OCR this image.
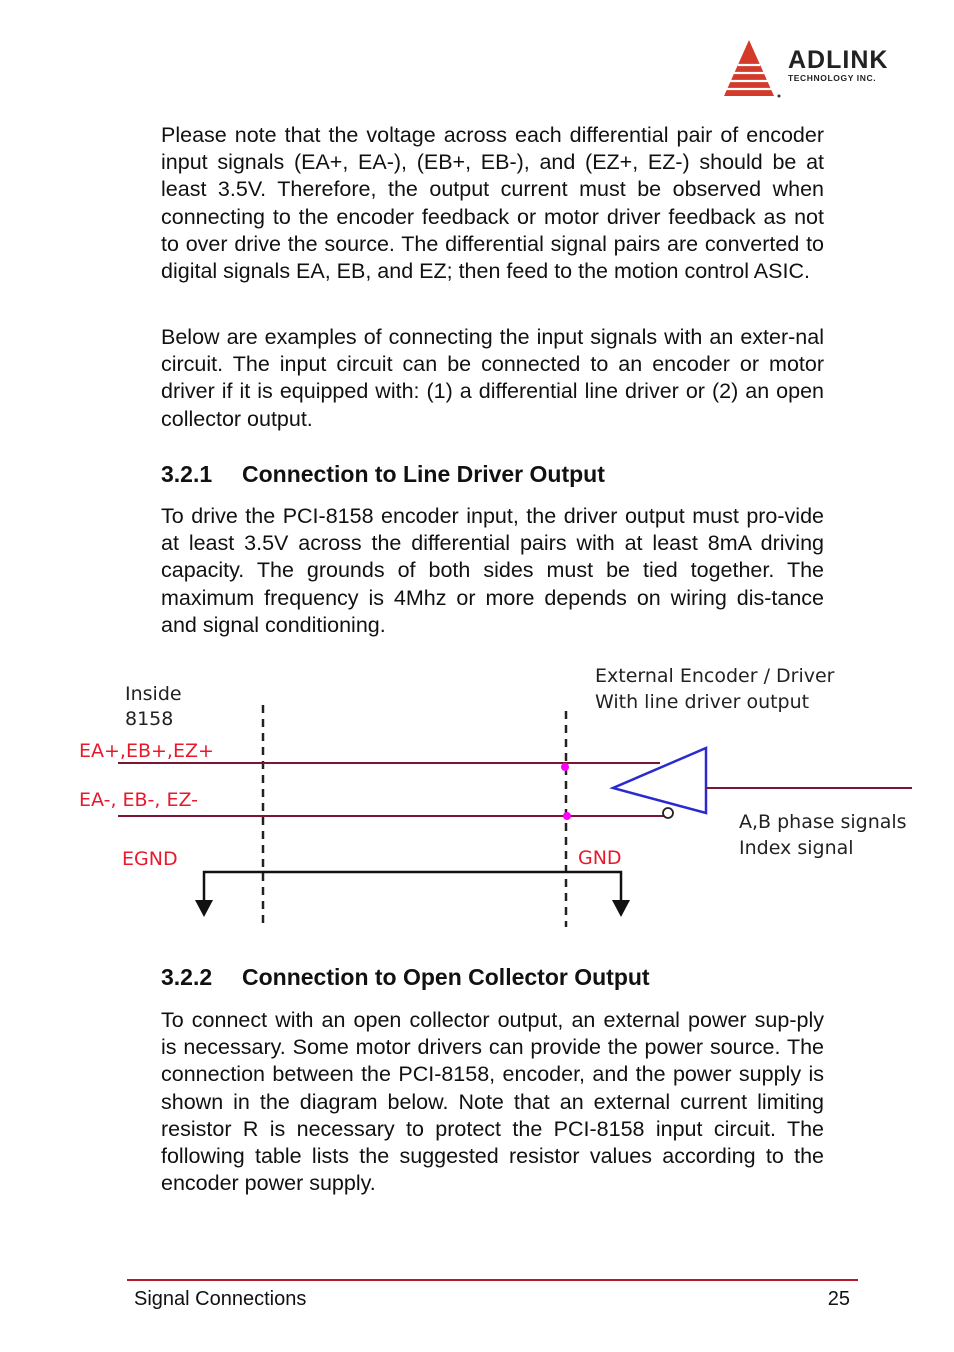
ADLINK
TECHNOLOGY INC.

Please note that the voltage across each differential pair of encoder input signals (EA+, EA-), (EB+, EB-), and (EZ+, EZ-) should be at least 3.5V. Therefore, the output current must be observed when connecting to the encoder feedback or motor driver feedback as not to over drive the source. The differential signal pairs are converted to digital signals EA, EB, and EZ; then feed to the motion control ASIC.

Below are examples of connecting the input signals with an exter-nal circuit. The input circuit can be connected to an encoder or motor driver if it is equipped with: (1) a differential line driver or (2) an open collector output.

3.2.1 Connection to Line Driver Output

To drive the PCI-8158 encoder input, the driver output must pro-vide at least 3.5V across the differential pairs with at least 8mA driving capacity. The grounds of both sides must be tied together. The maximum frequency is 4Mhz or more depends on wiring dis-tance and signal conditioning.

Inside
8158
External Encoder / Driver
With line driver output
EA+,EB+,EZ+
EA-, EB-, EZ-
EGND	GND
A,B phase signals
Index signal
3.2.2 Connection to Open Collector Output

To connect with an open collector output, an external power sup-ply is necessary. Some motor drivers can provide the power source. The connection between the PCI-8158, encoder, and the power supply is shown in the diagram below. Note that an external current limiting resistor R is necessary to protect the PCI-8158 input circuit. The following table lists the suggested resistor values according to the encoder power supply.

Signal Connections	25
